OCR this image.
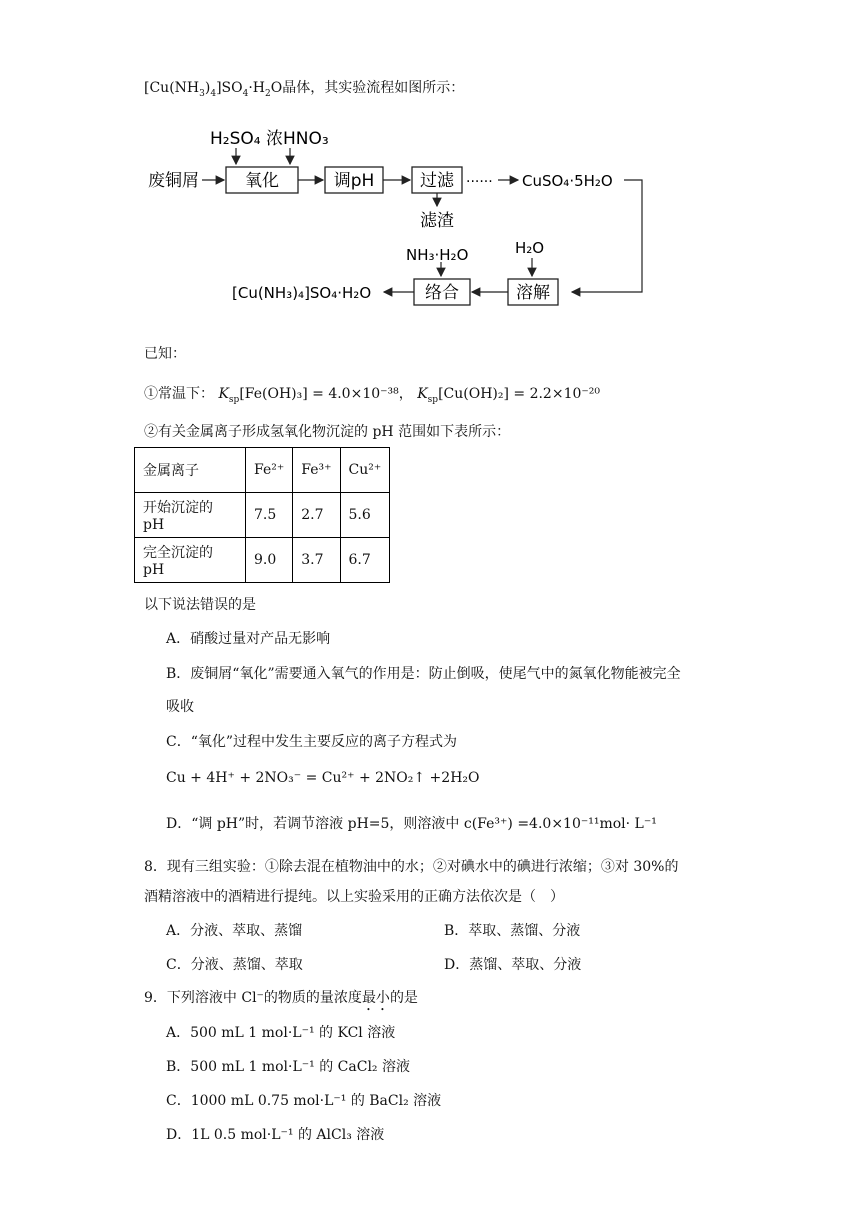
$[Cu(NH_3)_4]SO_4\cdot H_2O$晶体，其实验流程如图所示：
H₂SO₄ 浓HNO₃
废铜屑	氧化	调pH	过滤
滤渣
······ CuSO₄·5H₂O
H₂O
溶解
NH₃·H₂O
络合
[Cu(NH₃)₄]SO₄·H₂O
已知：
①常温下： $K_{sp}[Fe(OH)_3] = 4.0\times 10^{-38}$， $K_{sp}[Cu(OH)_2] = 2.2\times 10^{-20}$
②有关金属离子形成氢氧化物沉淀的 pH 范围如下表所示：
金属离子	Fe²⁺	Fe³⁺	Cu²⁺
开始沉淀的 pH	7.5	2.7	5.6
完全沉淀的 pH	9.0	3.7	6.7
以下说法错误的是
A．硝酸过量对产品无影响
B．废铜屑“氧化”需要通入氧气的作用是：防止倒吸，使尾气中的氮氧化物能被完全
吸收
C．“氧化”过程中发生主要反应的离子方程式为
Cu + 4H⁺ + 2NO₃⁻ = Cu²⁺ + 2NO₂↑ +2H₂O
D．“调 pH”时，若调节溶液 pH=5，则溶液中 c(Fe³⁺) =4.0×10⁻¹¹mol· L⁻¹
8．现有三组实验：①除去混在植物油中的水；②对碘水中的碘进行浓缩；③对 30%的
酒精溶液中的酒精进行提纯。以上实验采用的正确方法依次是（　）
A．分液、萃取、蒸馏	B．萃取、蒸馏、分液
C．分液、蒸馏、萃取	D．蒸馏、萃取、分液
9．下列溶液中 Cl⁻的物质的量浓度最小的是
A．500 mL 1 mol·L⁻¹ 的 KCl 溶液
B．500 mL 1 mol·L⁻¹ 的 CaCl₂ 溶液
C．1000 mL 0.75 mol·L⁻¹ 的 BaCl₂ 溶液
D．1L 0.5 mol·L⁻¹ 的 AlCl₃ 溶液
